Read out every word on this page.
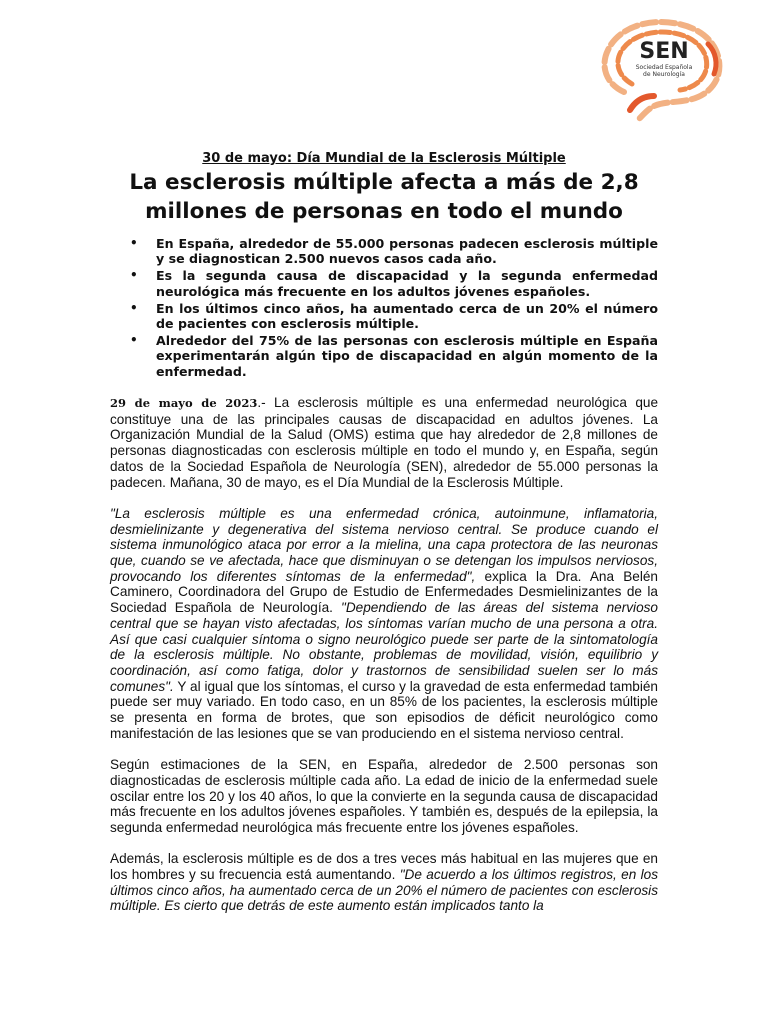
SEN
Sociedad Española
de Neurología

30 de mayo: Día Mundial de la Esclerosis Múltiple

La esclerosis múltiple afecta a más de 2,8

millones de personas en todo el mundo

• En España, alrededor de 55.000 personas padecen esclerosis múltiple y se diagnostican 2.500 nuevos casos cada año.
• Es la segunda causa de discapacidad y la segunda enfermedad neurológica más frecuente en los adultos jóvenes españoles.
• En los últimos cinco años, ha aumentado cerca de un 20% el número de pacientes con esclerosis múltiple.
• Alrededor del 75% de las personas con esclerosis múltiple en España experimentarán algún tipo de discapacidad en algún momento de la enfermedad.

29 de mayo de 2023.- La esclerosis múltiple es una enfermedad neurológica que constituye una de las principales causas de discapacidad en adultos jóvenes. La Organización Mundial de la Salud (OMS) estima que hay alrededor de 2,8 millones de personas diagnosticadas con esclerosis múltiple en todo el mundo y, en España, según datos de la Sociedad Española de Neurología (SEN), alrededor de 55.000 personas la padecen. Mañana, 30 de mayo, es el Día Mundial de la Esclerosis Múltiple.

"La esclerosis múltiple es una enfermedad crónica, autoinmune, inflamatoria, desmielinizante y degenerativa del sistema nervioso central. Se produce cuando el sistema inmunológico ataca por error a la mielina, una capa protectora de las neuronas que, cuando se ve afectada, hace que disminuyan o se detengan los impulsos nerviosos, provocando los diferentes síntomas de la enfermedad", explica la Dra. Ana Belén Caminero, Coordinadora del Grupo de Estudio de Enfermedades Desmielinizantes de la Sociedad Española de Neurología. "Dependiendo de las áreas del sistema nervioso central que se hayan visto afectadas, los síntomas varían mucho de una persona a otra. Así que casi cualquier síntoma o signo neurológico puede ser parte de la sintomatología de la esclerosis múltiple. No obstante, problemas de movilidad, visión, equilibrio y coordinación, así como fatiga, dolor y trastornos de sensibilidad suelen ser lo más comunes". Y al igual que los síntomas, el curso y la gravedad de esta enfermedad también puede ser muy variado. En todo caso, en un 85% de los pacientes, la esclerosis múltiple se presenta en forma de brotes, que son episodios de déficit neurológico como manifestación de las lesiones que se van produciendo en el sistema nervioso central.

Según estimaciones de la SEN, en España, alrededor de 2.500 personas son diagnosticadas de esclerosis múltiple cada año. La edad de inicio de la enfermedad suele oscilar entre los 20 y los 40 años, lo que la convierte en la segunda causa de discapacidad más frecuente en los adultos jóvenes españoles. Y también es, después de la epilepsia, la segunda enfermedad neurológica más frecuente entre los jóvenes españoles.

Además, la esclerosis múltiple es de dos a tres veces más habitual en las mujeres que en los hombres y su frecuencia está aumentando. "De acuerdo a los últimos registros, en los últimos cinco años, ha aumentado cerca de un 20% el número de pacientes con esclerosis múltiple. Es cierto que detrás de este aumento están implicados tanto la
